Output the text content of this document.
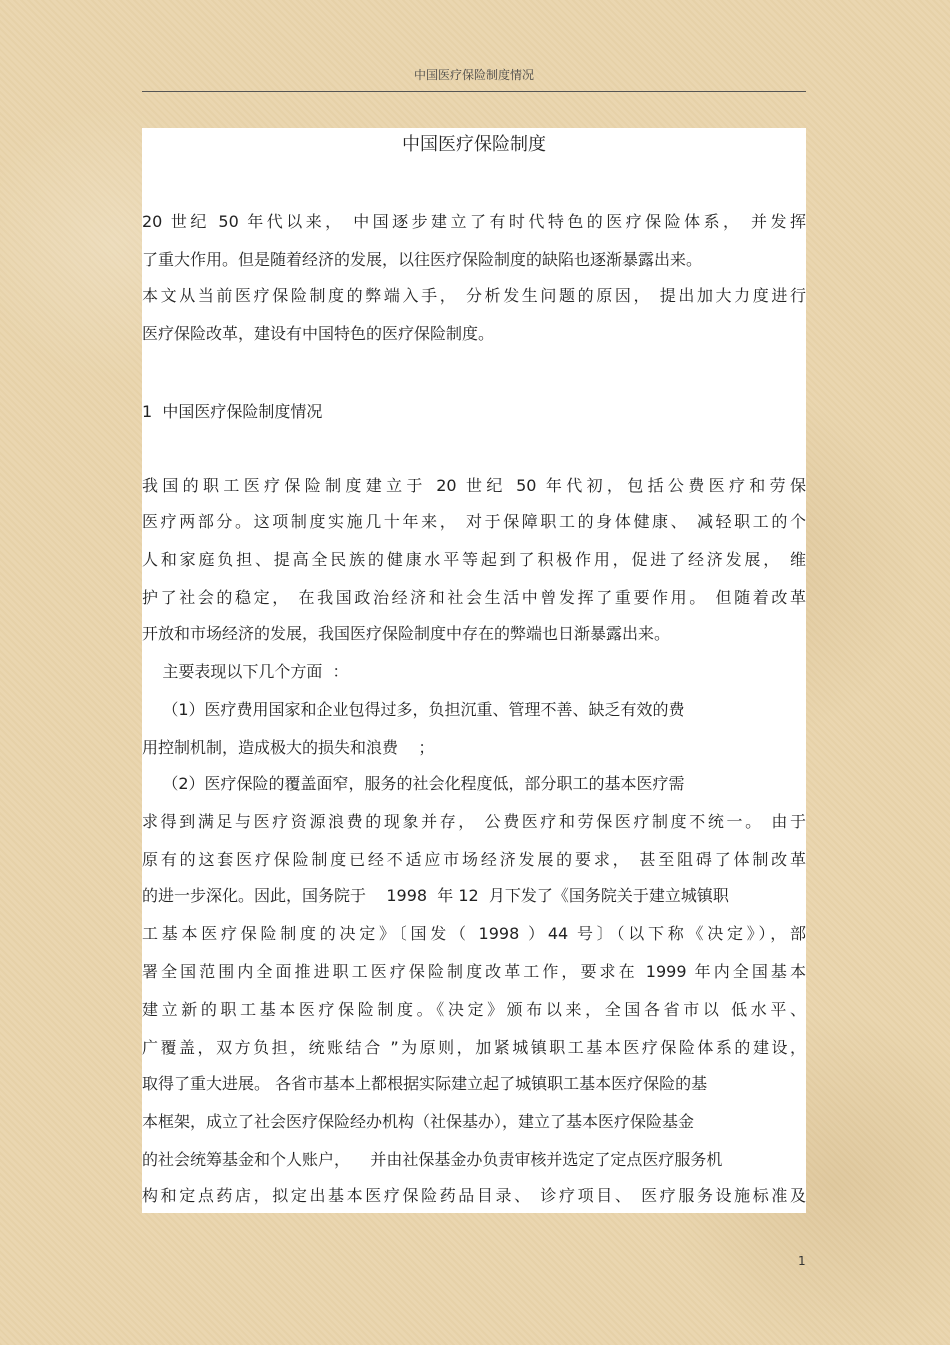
中国医疗保险制度情况
中国医疗保险制度
20 世纪 50 年代以来， 中国逐步建立了有时代特色的医疗保险体系， 并发挥
了重大作用。但是随着经济的发展，以往医疗保险制度的缺陷也逐渐暴露出来。
本文从当前医疗保险制度的弊端入手， 分析发生问题的原因， 提出加大力度进行
医疗保险改革，建设有中国特色的医疗保险制度。
1  中国医疗保险制度情况
我国的职工医疗保险制度建立于 20 世纪 50 年代初，包括公费医疗和劳保
医疗两部分。这项制度实施几十年来， 对于保障职工的身体健康、 减轻职工的个
人和家庭负担、提高全民族的健康水平等起到了积极作用，促进了经济发展， 维
护了社会的稳定， 在我国政治经济和社会生活中曾发挥了重要作用。 但随着改革
开放和市场经济的发展，我国医疗保险制度中存在的弊端也日渐暴露出来。
主要表现以下几个方面  ：
（1）医疗费用国家和企业包得过多，负担沉重、管理不善、缺乏有效的费
用控制机制，造成极大的损失和浪费    ；
（2）医疗保险的覆盖面窄，服务的社会化程度低，部分职工的基本医疗需
求得到满足与医疗资源浪费的现象并存， 公费医疗和劳保医疗制度不统一。 由于
原有的这套医疗保险制度已经不适应市场经济发展的要求， 甚至阻碍了体制改革
的进一步深化。因此，国务院于    1998  年 12  月下发了《国务院关于建立城镇职
工基本医疗保险制度的决定》〔国发（ 1998 ）44 号〕（以下称《决定》），部
署全国范围内全面推进职工医疗保险制度改革工作，要求在 1999 年内全国基本
建立新的职工基本医疗保险制度。《决定》颁布以来，全国各省市以 低水平、
广覆盖，双方负担，统账结合 ”为原则，加紧城镇职工基本医疗保险体系的建设，
取得了重大进展。 各省市基本上都根据实际建立起了城镇职工基本医疗保险的基
本框架，成立了社会医疗保险经办机构（社保基办），建立了基本医疗保险基金
的社会统筹基金和个人账户，    并由社保基金办负责审核并选定了定点医疗服务机
构和定点药店，拟定出基本医疗保险药品目录、 诊疗项目、 医疗服务设施标准及
1
